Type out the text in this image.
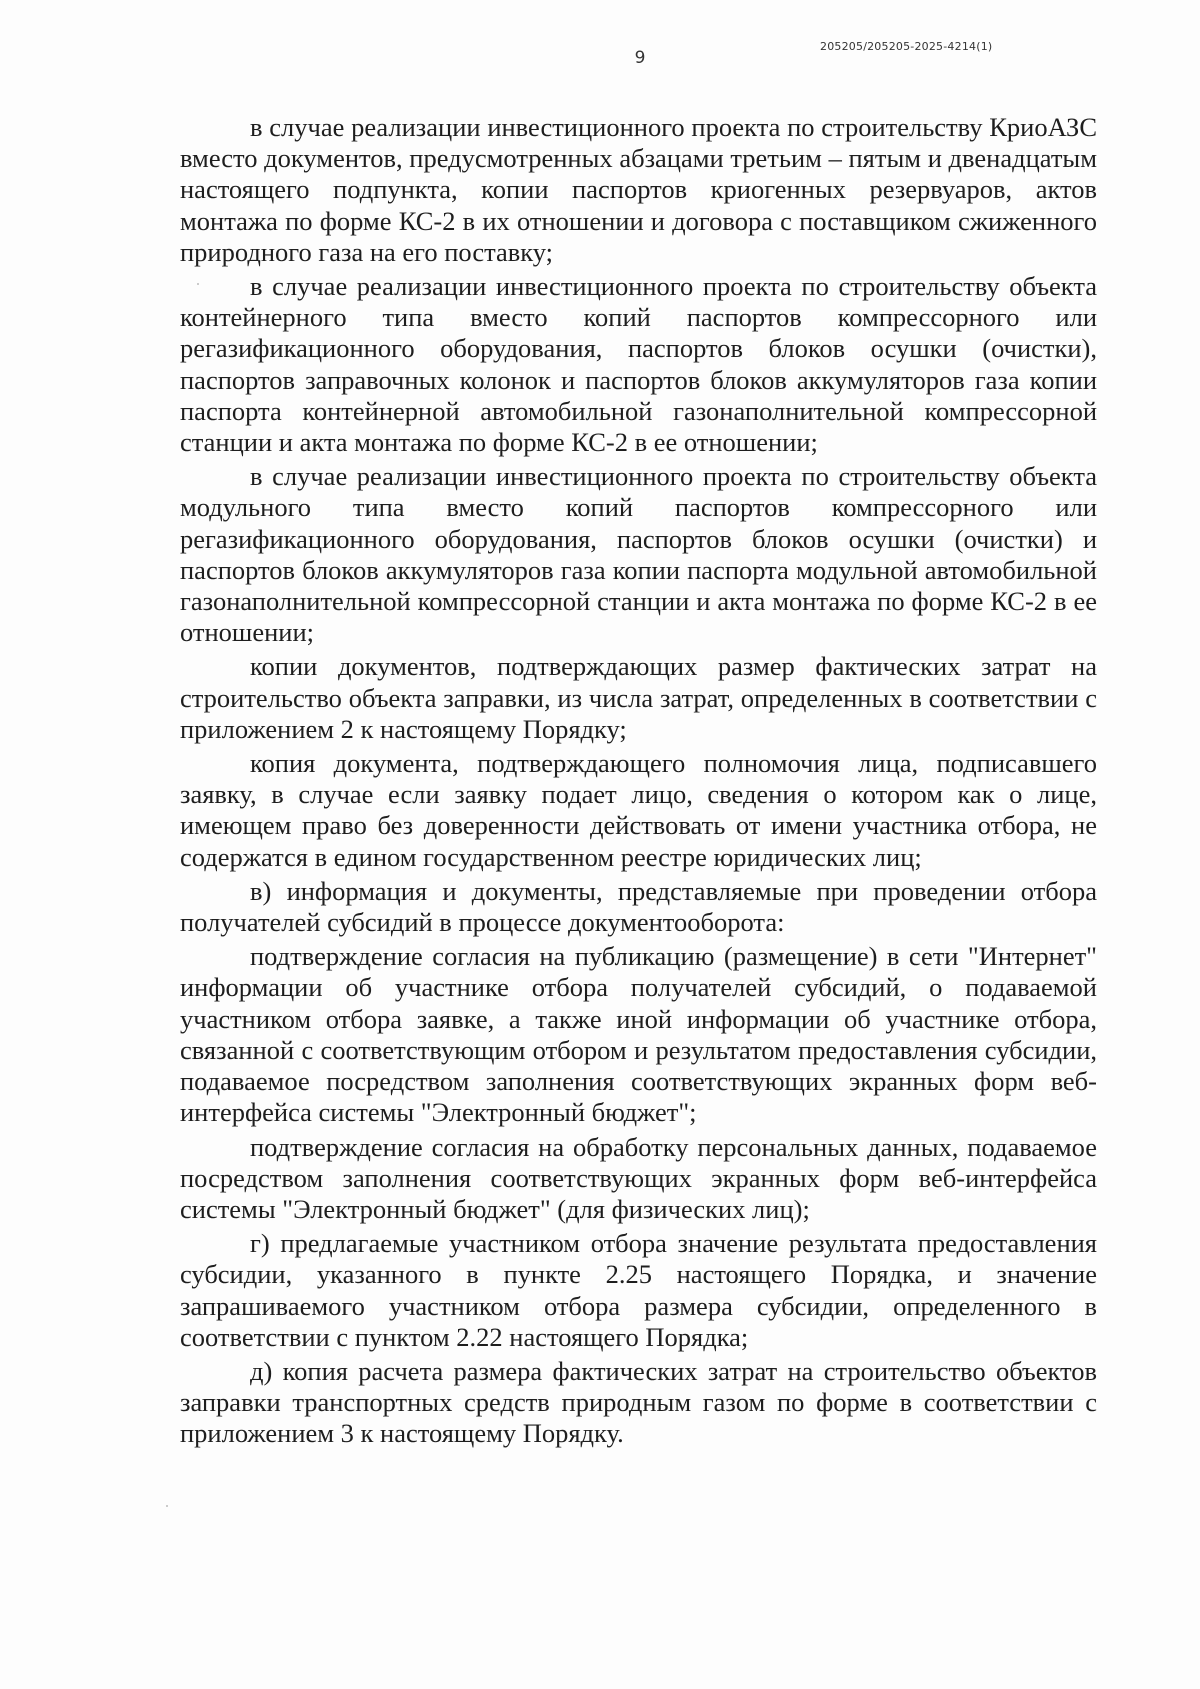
9
205205/205205-2025-4214(1)

в случае реализации инвестиционного проекта по строительству КриоАЗС вместо документов, предусмотренных абзацами третьим – пятым и двенадцатым настоящего подпункта, копии паспортов криогенных резервуаров, актов монтажа по форме КС-2 в их отношении и договора с поставщиком сжиженного природного газа на его поставку;

в случае реализации инвестиционного проекта по строительству объекта контейнерного типа вместо копий паспортов компрессорного или регазификационного оборудования, паспортов блоков осушки (очистки), паспортов заправочных колонок и паспортов блоков аккумуляторов газа копии паспорта контейнерной автомобильной газонаполнительной компрессорной станции и акта монтажа по форме КС-2 в ее отношении;

в случае реализации инвестиционного проекта по строительству объекта модульного типа вместо копий паспортов компрессорного или регазификационного оборудования, паспортов блоков осушки (очистки) и паспортов блоков аккумуляторов газа копии паспорта модульной автомобильной газонаполнительной компрессорной станции и акта монтажа по форме КС-2 в ее отношении;

копии документов, подтверждающих размер фактических затрат на строительство объекта заправки, из числа затрат, определенных в соответствии с приложением 2 к настоящему Порядку;

копия документа, подтверждающего полномочия лица, подписавшего заявку, в случае если заявку подает лицо, сведения о котором как о лице, имеющем право без доверенности действовать от имени участника отбора, не содержатся в едином государственном реестре юридических лиц;

в) информация и документы, представляемые при проведении отбора получателей субсидий в процессе документооборота:

подтверждение согласия на публикацию (размещение) в сети "Интернет" информации об участнике отбора получателей субсидий, о подаваемой участником отбора заявке, а также иной информации об участнике отбора, связанной с соответствующим отбором и результатом предоставления субсидии, подаваемое посредством заполнения соответствующих экранных форм веб-интерфейса системы "Электронный бюджет";

подтверждение согласия на обработку персональных данных, подаваемое посредством заполнения соответствующих экранных форм веб-интерфейса системы "Электронный бюджет" (для физических лиц);

г) предлагаемые участником отбора значение результата предоставления субсидии, указанного в пункте 2.25 настоящего Порядка, и значение запрашиваемого участником отбора размера субсидии, определенного в соответствии с пунктом 2.22 настоящего Порядка;

д) копия расчета размера фактических затрат на строительство объектов заправки транспортных средств природным газом по форме в соответствии с приложением 3 к настоящему Порядку.
